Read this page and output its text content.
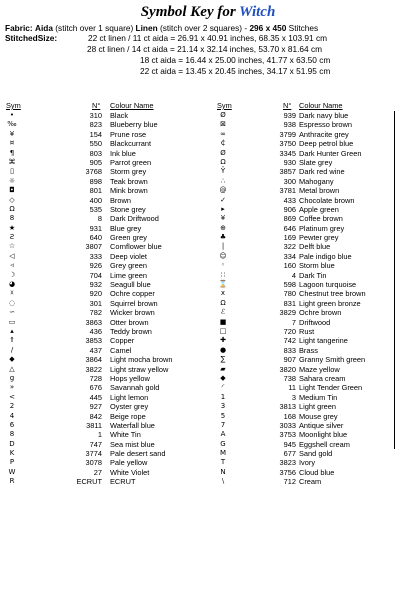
Symbol Key for Witch
Fabric: Aida (stitch over 1 square) Linen (stitch over 2 squares) - 296 x 450 Stitches
StitchedSize:	22 ct linen / 11 ct aida = 26.91 x 40.91 inches, 68.35 x 103.91 cm
28 ct linen / 14 ct aida = 21.14 x 32.14 inches, 53.70 x 81.64 cm
18 ct aida = 16.44 x 25.00 inches, 41.77 x 63.50 cm
22 ct aida = 13.45 x 20.45 inches, 34.17 x 51.95 cm
Sym	N° Colour Name
•	310 Black
‰	823 Blueberry blue
¥	154 Prune rose
¤	550 Blackcurrant
¶	803 Ink blue
⌘	905 Parrot green
▯	3768 Storm grey
☼	898 Teak brown
◘	801 Mink brown
◇	400 Brown
Ω	535 Stone grey
8	8 Dark Driftwood
★	931 Blue grey
Ƨ	640 Green grey
☆	3807 Cornflower blue
◁	333 Deep violet
◃	926 Grey green
☽	704 Lime green
◕	932 Seagull blue
☓	920 Ochre copper
◌	301 Squirrel brown
∽	782 Wicker brown
▭	3863 Otter brown
▴	436 Teddy brown
⇑	3853 Copper
/	437 Camel
◆	3864 Light mocha brown
△	3822 Light straw yellow
g	728 Hops yellow
»	676 Savannah gold
<	445 Light lemon
2	927 Oyster grey
4	842 Beige rope
6	3811 Waterfall blue
8	1 White Tin
D	747 Sea mist blue
K	3774 Pale desert sand
P	3078 Pale yellow
W	27 White Violet
R	ECRUT ECRUT
Sym	N° Colour Name
Ø	939 Dark navy blue
⊠	938 Espresso brown
∞	3799 Anthracite grey
₵	3750 Deep petrol blue
Ø	3345 Dark Hunter Green
Ω	930 Slate grey
Ŷ	3857 Dark red wine
∴	300 Mahogany
@	3781 Metal brown
✓	433 Chocolate brown
▸	906 Apple green
¥	869 Coffee brown
⊕	646 Platinum grey
♣	169 Pewter grey
|	322 Delft blue
☺	334 Pale indigo blue
◦	160 Storm blue
∷	4 Dark Tin
⌛	598 Lagoon turquoise
x	780 Chestnut tree brown
Ω	831 Light green bronze
ℰ	3829 Ochre brown
■	7 Driftwood
□	720 Rust
✚	742 Light tangerine
●	833 Brass
∑	907 Granny Smith green
▰	3820 Maze yellow
◆	738 Sahara cream
◜	11 Light Tender Green
1	3 Medium Tin
3	3813 Light green
5	168 Mouse grey
7	3033 Antique silver
A	3753 Moonlight blue
G	945 Eggshell cream
M	677 Sand gold
T	3823 Ivory
N	3756 Cloud blue
\	712 Cream
